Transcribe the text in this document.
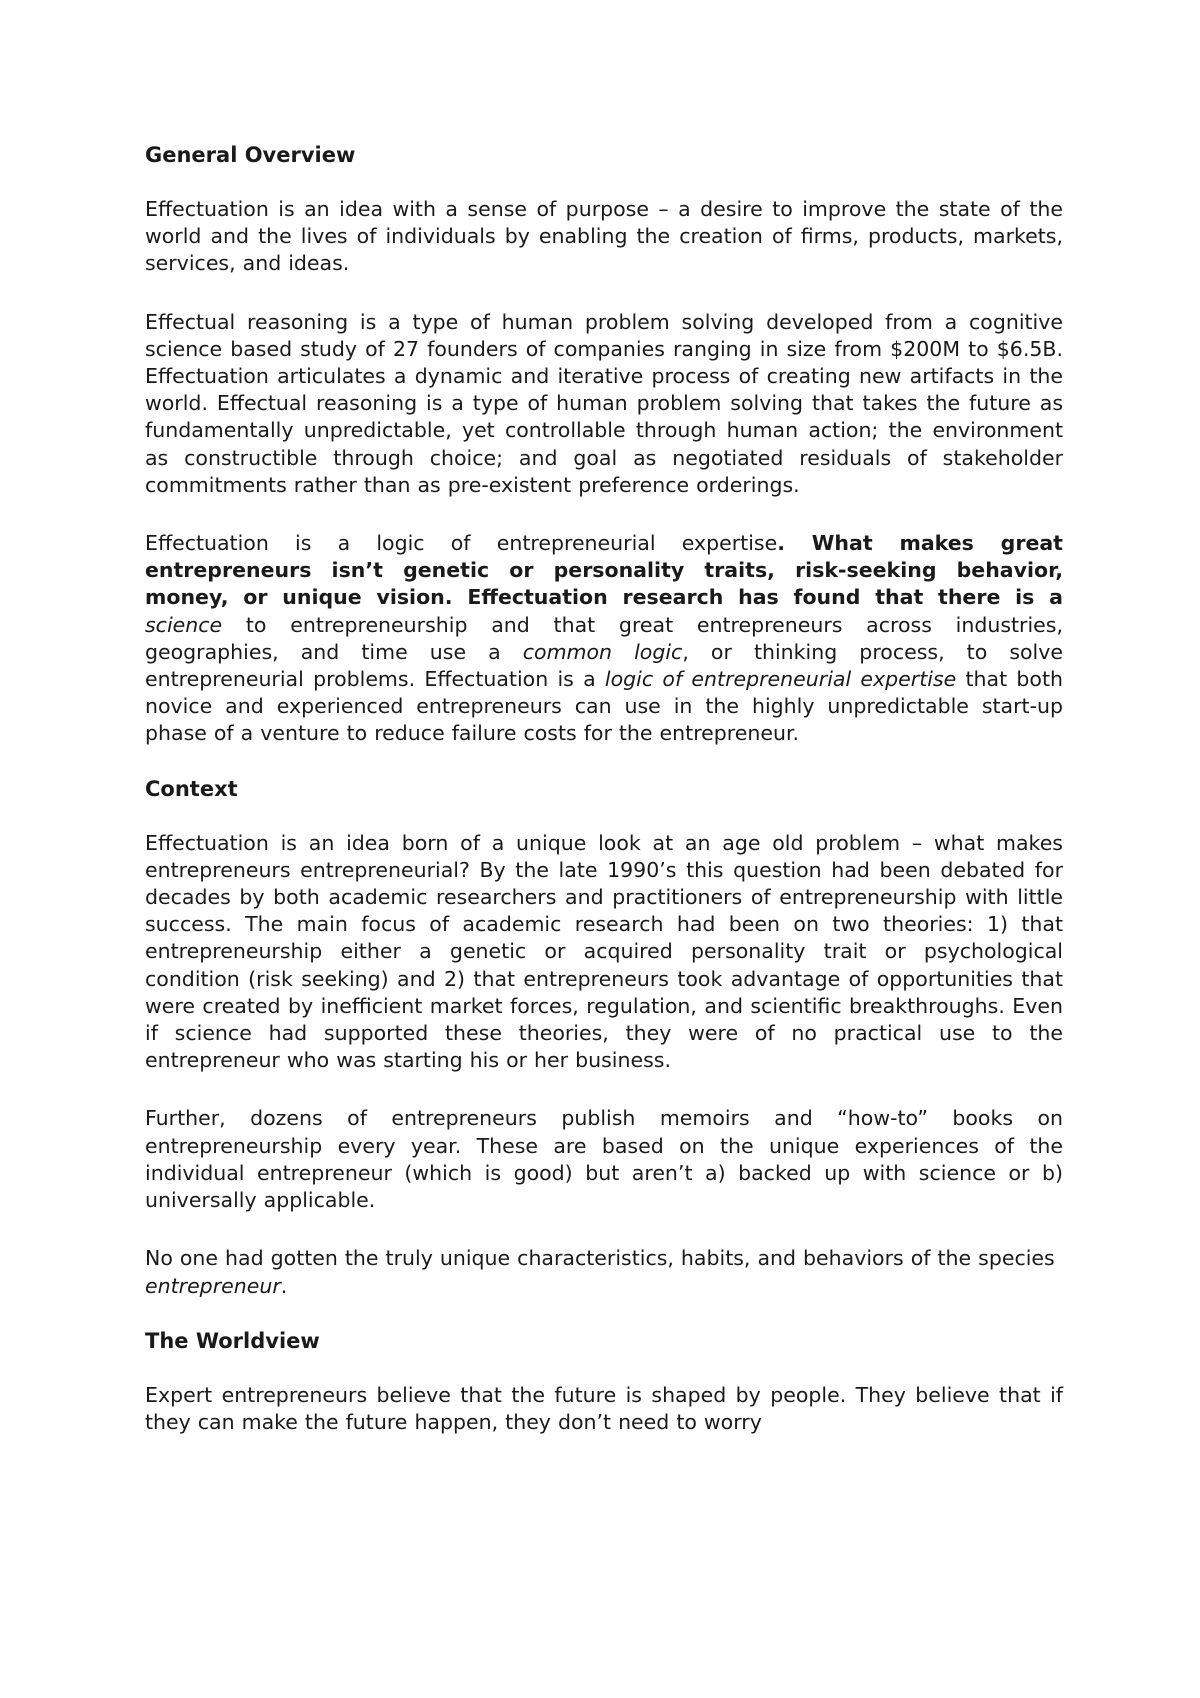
General Overview

Effectuation is an idea with a sense of purpose – a desire to improve the state of the world and the lives of individuals by enabling the creation of firms, products, markets, services, and ideas.

Effectual reasoning is a type of human problem solving developed from a cognitive science based study of 27 founders of companies ranging in size from $200M to $6.5B. Effectuation articulates a dynamic and iterative process of creating new artifacts in the world. Effectual reasoning is a type of human problem solving that takes the future as fundamentally unpredictable, yet controllable through human action; the environment as constructible through choice; and goal as negotiated residuals of stakeholder commitments rather than as pre-existent preference orderings.

Effectuation is a logic of entrepreneurial expertise. What makes great entrepreneurs isn’t genetic or personality traits, risk-seeking behavior, money, or unique vision. Effectuation research has found that there is a science to entrepreneurship and that great entrepreneurs across industries, geographies, and time use a common logic, or thinking process, to solve entrepreneurial problems. Effectuation is a logic of entrepreneurial expertise that both novice and experienced entrepreneurs can use in the highly unpredictable start-up phase of a venture to reduce failure costs for the entrepreneur.

Context

Effectuation is an idea born of a unique look at an age old problem – what makes entrepreneurs entrepreneurial? By the late 1990’s this question had been debated for decades by both academic researchers and practitioners of entrepreneurship with little success. The main focus of academic research had been on two theories: 1) that entrepreneurship either a genetic or acquired personality trait or psychological condition (risk seeking) and 2) that entrepreneurs took advantage of opportunities that were created by inefficient market forces, regulation, and scientific breakthroughs. Even if science had supported these theories, they were of no practical use to the entrepreneur who was starting his or her business.

Further, dozens of entrepreneurs publish memoirs and “how-to” books on entrepreneurship every year. These are based on the unique experiences of the individual entrepreneur (which is good) but aren’t a) backed up with science or b) universally applicable.

No one had gotten the truly unique characteristics, habits, and behaviors of the species entrepreneur.

The Worldview

Expert entrepreneurs believe that the future is shaped by people. They believe that if they can make the future happen, they don’t need to worry
